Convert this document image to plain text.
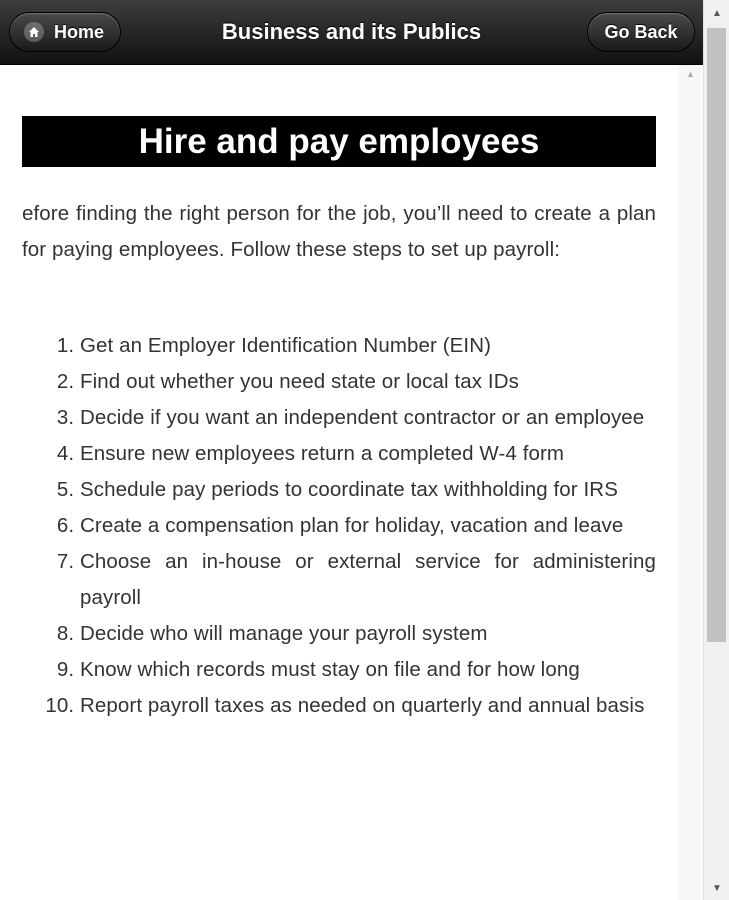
Business and its Publics
Home	Go Back
Hire and pay employees

efore finding the right person for the job, you’ll need to create a plan for paying employees. Follow these steps to set up payroll:

1. Get an Employer Identification Number (EIN)
2. Find out whether you need state or local tax IDs
3. Decide if you want an independent contractor or an employee
4. Ensure new employees return a completed W-4 form
5. Schedule pay periods to coordinate tax withholding for IRS
6. Create a compensation plan for holiday, vacation and leave
7. Choose an in-house or external service for administering payroll
8. Decide who will manage your payroll system
9. Know which records must stay on file and for how long
10. Report payroll taxes as needed on quarterly and annual basis
▲
▲
▼
